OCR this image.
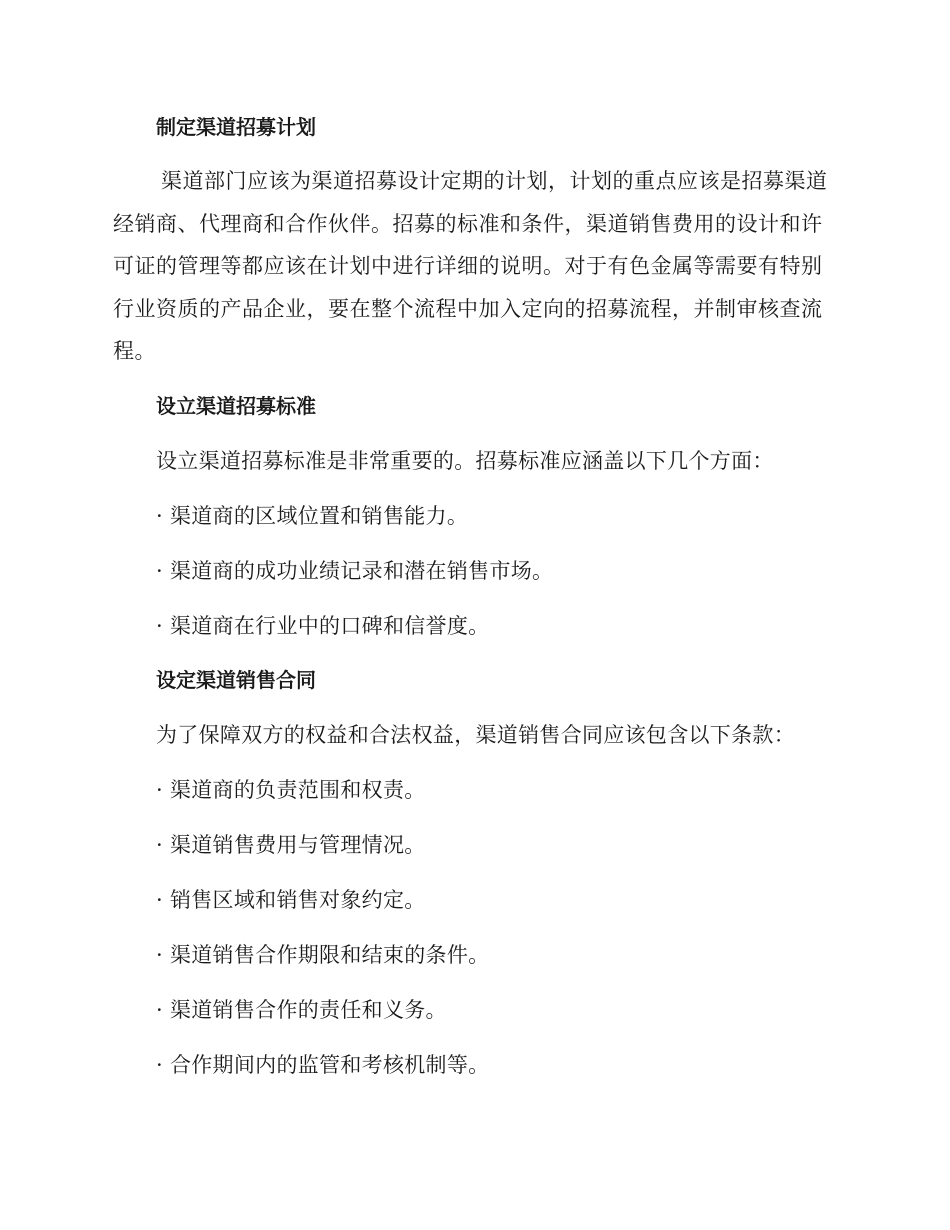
制定渠道招募计划
渠道部门应该为渠道招募设计定期的计划，计划的重点应该是招募渠道经销商、代理商和合作伙伴。招募的标准和条件，渠道销售费用的设计和许可证的管理等都应该在计划中进行详细的说明。对于有色金属等需要有特别行业资质的产品企业，要在整个流程中加入定向的招募流程，并制审核查流程。
设立渠道招募标准
设立渠道招募标准是非常重要的。招募标准应涵盖以下几个方面：
· 渠道商的区域位置和销售能力。
· 渠道商的成功业绩记录和潜在销售市场。
· 渠道商在行业中的口碑和信誉度。
设定渠道销售合同
为了保障双方的权益和合法权益，渠道销售合同应该包含以下条款：
· 渠道商的负责范围和权责。
· 渠道销售费用与管理情况。
· 销售区域和销售对象约定。
· 渠道销售合作期限和结束的条件。
· 渠道销售合作的责任和义务。
· 合作期间内的监管和考核机制等。
